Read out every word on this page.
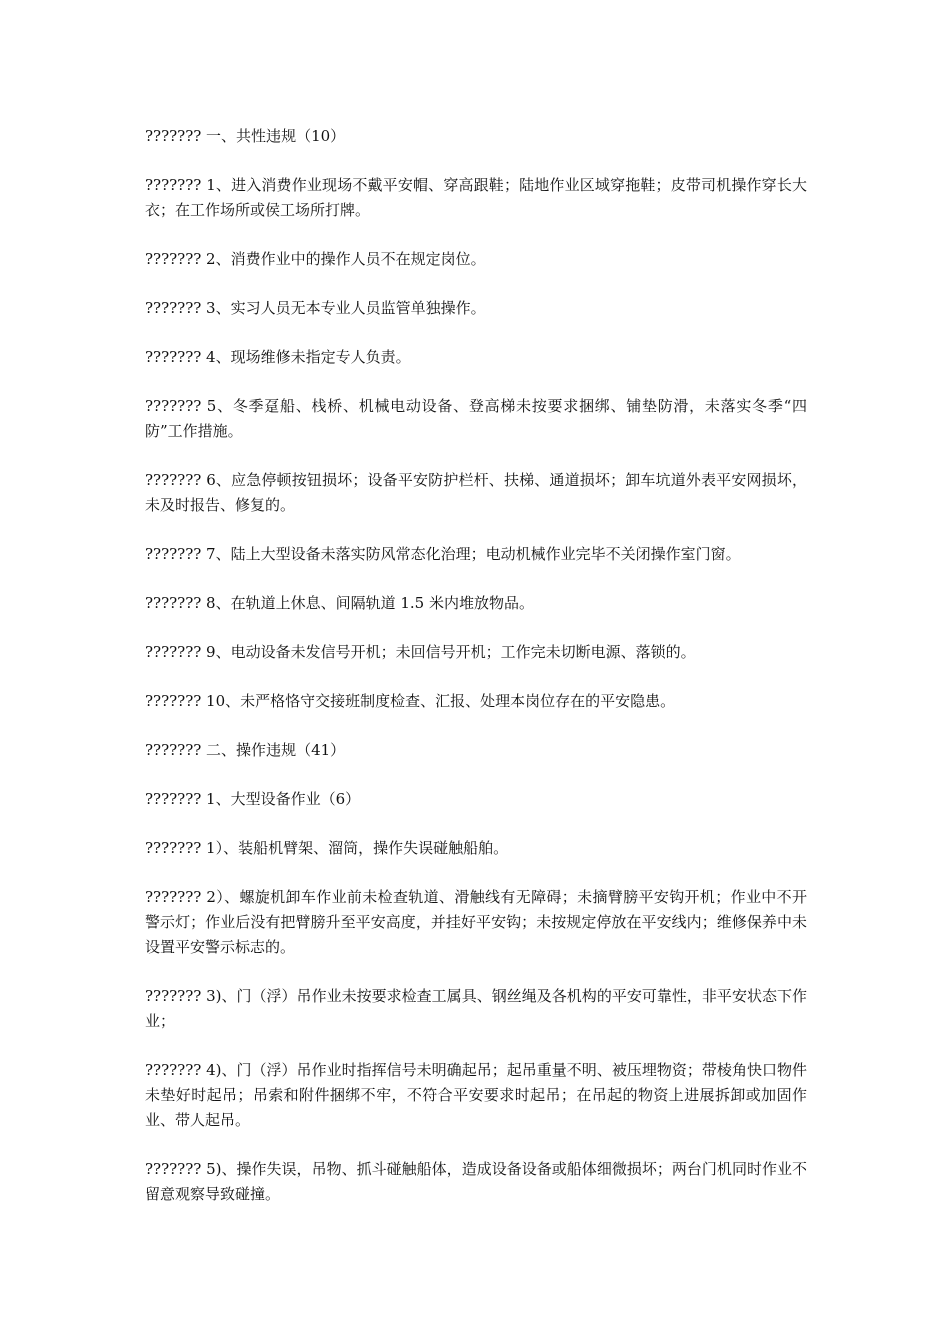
??????? 一、共性违规（10）

??????? 1、进入消费作业现场不戴平安帽、穿高跟鞋；陆地作业区域穿拖鞋；皮带司机操作穿长大衣；在工作场所或侯工场所打牌。

??????? 2、消费作业中的操作人员不在规定岗位。

??????? 3、实习人员无本专业人员监管单独操作。

??????? 4、现场维修未指定专人负责。

??????? 5、冬季趸船、栈桥、机械电动设备、登高梯未按要求捆绑、铺垫防滑，未落实冬季“四防”工作措施。

??????? 6、应急停顿按钮损坏；设备平安防护栏杆、扶梯、通道损坏；卸车坑道外表平安网损坏，未及时报告、修复的。

??????? 7、陆上大型设备未落实防风常态化治理；电动机械作业完毕不关闭操作室门窗。

??????? 8、在轨道上休息、间隔轨道 1.5 米内堆放物品。

??????? 9、电动设备未发信号开机；未回信号开机；工作完未切断电源、落锁的。

??????? 10、未严格恪守交接班制度检查、汇报、处理本岗位存在的平安隐患。

??????? 二、操作违规（41）

??????? 1、大型设备作业（6）

??????? 1）、装船机臂架、溜筒，操作失误碰触船舶。

??????? 2）、螺旋机卸车作业前未检查轨道、滑触线有无障碍；未摘臂膀平安钩开机；作业中不开警示灯；作业后没有把臂膀升至平安高度，并挂好平安钩；未按规定停放在平安线内；维修保养中未设置平安警示标志的。

??????? 3)、门（浮）吊作业未按要求检查工属具、钢丝绳及各机构的平安可靠性，非平安状态下作业；

??????? 4)、门（浮）吊作业时指挥信号未明确起吊；起吊重量不明、被压埋物资；带棱角快口物件未垫好时起吊；吊索和附件捆绑不牢，不符合平安要求时起吊；在吊起的物资上进展拆卸或加固作业、带人起吊。

??????? 5)、操作失误，吊物、抓斗碰触船体，造成设备设备或船体细微损坏；两台门机同时作业不留意观察导致碰撞。
